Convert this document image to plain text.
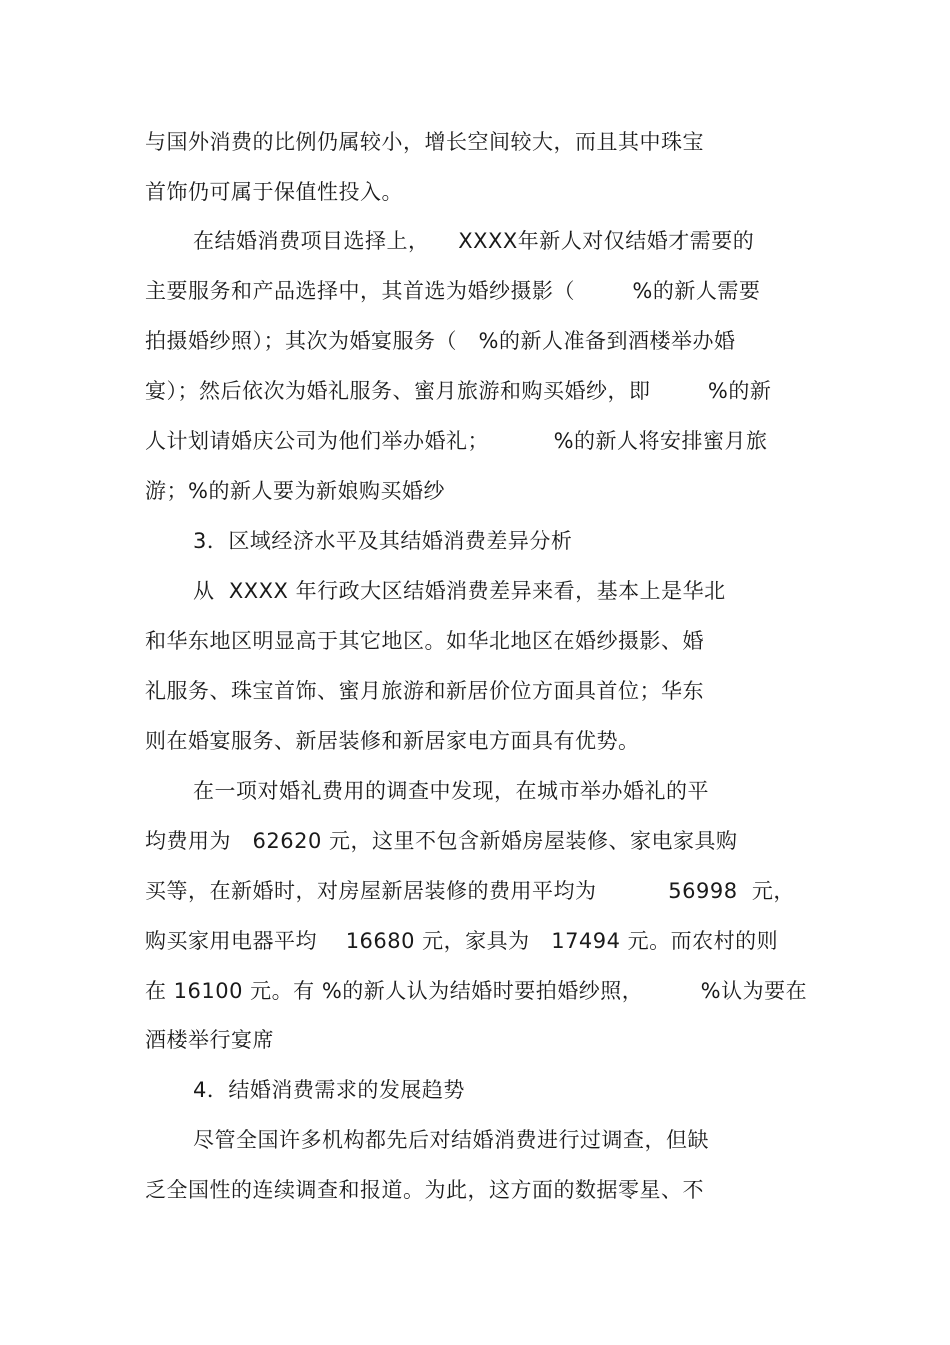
与国外消费的比例仍属较小，增长空间较大，而且其中珠宝

首饰仍可属于保值性投入。

在结婚消费项目选择上，    XXXX年新人对仅结婚才需要的

主要服务和产品选择中，其首选为婚纱摄影（        %的新人需要

拍摄婚纱照）；其次为婚宴服务（   %的新人准备到酒楼举办婚

宴）；然后依次为婚礼服务、蜜月旅游和购买婚纱，即        %的新

人计划请婚庆公司为他们举办婚礼；         %的新人将安排蜜月旅

游；%的新人要为新娘购买婚纱

3．区域经济水平及其结婚消费差异分析

从  XXXX 年行政大区结婚消费差异来看，基本上是华北

和华东地区明显高于其它地区。如华北地区在婚纱摄影、婚

礼服务、珠宝首饰、蜜月旅游和新居价位方面具首位；华东

则在婚宴服务、新居装修和新居家电方面具有优势。

在一项对婚礼费用的调查中发现，在城市举办婚礼的平

均费用为   62620 元，这里不包含新婚房屋装修、家电家具购

买等，在新婚时，对房屋新居装修的费用平均为          56998  元，

购买家用电器平均    16680 元，家具为   17494 元。而农村的则

在 16100 元。有 %的新人认为结婚时要拍婚纱照，        %认为要在

酒楼举行宴席

4．结婚消费需求的发展趋势

尽管全国许多机构都先后对结婚消费进行过调查，但缺

乏全国性的连续调查和报道。为此，这方面的数据零星、不
